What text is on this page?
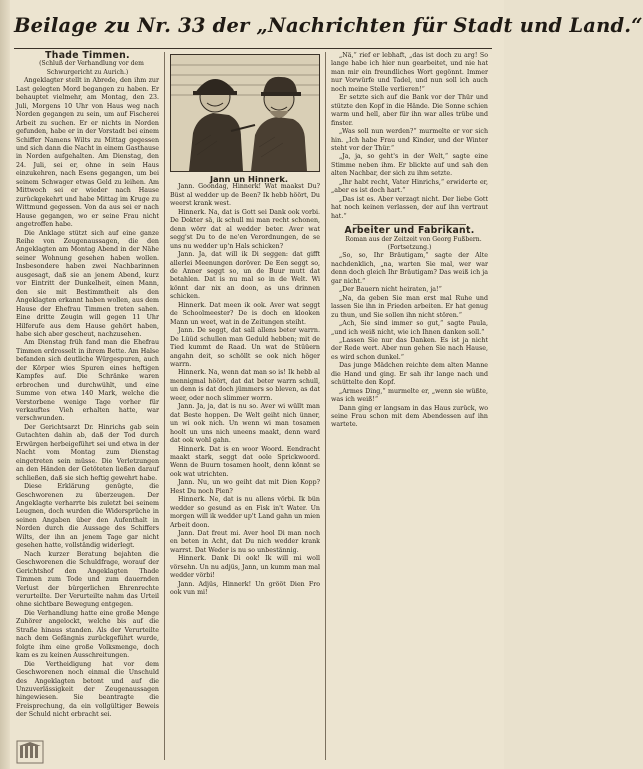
Beilage zu Nr. 33 der „Nachrichten für Stadt und Land.“

Thade Timmen.

(Schluß der Verhandlung vor dem Schwurgericht zu Aurich.)

Angeklagter stellt in Abrede, den ihm zur Last gelegten Mord begangen zu haben. Er behauptet vielmehr, am Montag, den 23. Juli, Morgens 10 Uhr von Haus weg nach Norden gegangen zu sein, um auf Fischerei Arbeit zu suchen. Er er nichts in Norden gefunden, habe er in der Vorstadt bei einem Schiffer Namens Wilts zu Mittag gegessen und sich dann die Nacht in einem Gasthause in Norden aufgehalten. Am Dienstag, den 24. Juli, sei er, ohne in sein Haus einzukehren, nach Esens gegangen, um bei seinem Schwager etwas Geld zu leihen. Am Mittwoch sei er wieder nach Hause zurückgekehrt und habe Mittag im Kruge zu Wittmund gegessen. Von da aus sei er nach Hause gegangen, wo er seine Frau nicht angetroffen habe.

Die Anklage stützt sich auf eine ganze Reihe von Zeugenaussagen, die den Angeklagten am Montag Abend in der Nähe seiner Wohnung gesehen haben wollen. Insbesondere haben zwei Nachbarinnen ausgesagt, daß sie an jenem Abend, kurz vor Eintritt der Dunkelheit, einen Mann, den sie mit Bestimmtheit als den Angeklagten erkannt haben wollen, aus dem Hause der Ehefrau Timmen treten sahen. Eine dritte Zeugin will gegen 11 Uhr Hilferufe aus dem Hause gehört haben, habe sich aber gescheut, nachzusehen.

Am Dienstag früh fand man die Ehefrau Timmen erdrosselt in ihrem Bette. Am Halse befanden sich deutliche Würgespuren, auch der Körper wies Spuren eines heftigen Kampfes auf. Die Schränke waren erbrochen und durchwühlt, und eine Summe von etwa 140 Mark, welche die Verstorbene wenige Tage vorher für verkauftes Vieh erhalten hatte, war verschwunden.

Der Gerichtsarzt Dr. Hinrichs gab sein Gutachten dahin ab, daß der Tod durch Erwürgen herbeigeführt sei und etwa in der Nacht vom Montag zum Dienstag eingetreten sein müsse. Die Verletzungen an den Händen der Getöteten ließen darauf schließen, daß sie sich heftig gewehrt habe.

Diese Erklärung genügte, die Geschworenen zu überzeugen. Der Angeklagte verharrte bis zuletzt bei seinem Leugnen, doch wurden die Widersprüche in seinen Angaben über den Aufenthalt in Norden durch die Aussage des Schiffers Wilts, der ihn an jenem Tage gar nicht gesehen hatte, vollständig widerlegt.

Nach kurzer Beratung bejahten die Geschworenen die Schuldfrage, worauf der Gerichtshof den Angeklagten Thade Timmen zum Tode und zum dauernden Verlust der bürgerlichen Ehrenrechte verurteilte. Der Verurteilte nahm das Urteil ohne sichtbare Bewegung entgegen.

Die Verhandlung hatte eine große Menge Zuhörer angelockt, welche bis auf die Straße hinaus standen. Als der Verurteilte nach dem Gefängnis zurückgeführt wurde, folgte ihm eine große Volksmenge, doch kam es zu keinen Ausschreitungen.

Die Vertheidigung hat vor dem Geschworenen noch einmal die Unschuld des Angeklagten betont und auf die Unzuverlässigkeit der Zeugenaussagen hingewiesen. Sie beantragte die Freisprechung, da ein vollgültiger Beweis der Schuld nicht erbracht sei.

Jann un Hinnerk.

Jann. Goondag, Hinnerk! Wat maakst Du? Büst al wedder up de Been? Ik hebb höört, Du weerst krank west.

Hinnerk. Na, dat is Gott sei Dank ook vorbi. De Dokter sä, ik schull mi man recht schonen, denn wörr dat al wedder beter. Aver wat segg'st Du to de ne'en Verordnungen, de se uns nu wedder up'n Hals schicken?

Jann. Ja, dat will ik Di seggen: dat gifft allerlei Meenungen doröver. De Een seggt so, de Anner seggt so, un de Buur mutt dat betahlen. Dat is nu mal so in de Welt. Wi könnt dar nix an doon, as uns drinnen schicken.

Hinnerk. Dat meen ik ook. Aver wat seggt de Schoolmeester? De is doch en klooken Mann un weet, wat in de Zeitungen steiht.

Jann. De seggt, dat sall allens beter warrn. De Lüüd schullen man Geduld hebben; mit de Tied kummt de Raad. Un wat de Stüüern angahn deit, so schöllt se ook nich höger warrn.

Hinnerk. Na, wenn dat man so is! Ik hebb al mennigmal höört, dat dat beter warrn schull, un denn is dat doch jümmers so bleven, as dat weer, oder noch slimmer worrn.

Jann. Ja, ja, dat is nu so. Aver wi wüllt man dat Beste hoppen. De Welt geiht nich ünner, un wi ook nich. Un wenn wi man tosamen hoolt un uns nich uneens maakt, denn ward dat ook wohl gahn.

Hinnerk. Dat is en woor Woord. Eendracht maakt stark, seggt dat oole Sprickwoord. Wenn de Buurn tosamen hoolt, denn könnt se ook wat utrichten.

Jann. Nu, un wo geiht dat mit Dien Kopp? Hest Du noch Pien?

Hinnerk. Ne, dat is nu allens vörbi. Ik bün wedder so gesund as en Fisk in't Water. Un morgen will ik wedder up't Land gahn un mien Arbeit doon.

Jann. Dat freut mi. Aver hool Di man noch en beten in Acht, dat Du nich wedder krank warrst. Dat Weder is nu so unbestännig.

Hinnerk. Dank Di ook! Ik will mi woll vörsehn. Un nu adjüs, Jann, un kumm man mal wedder vörbi!

Jann. Adjüs, Hinnerk! Un grööt Dien Fro ook vun mi!

„Nä,“ rief er lebhaft, „das ist doch zu arg! So lange habe ich hier nun gearbeitet, und nie hat man mir ein freundliches Wort gegönnt. Immer nur Vorwürfe und Tadel, und nun soll ich auch noch meine Stelle verlieren!“

Er setzte sich auf die Bank vor der Thür und stützte den Kopf in die Hände. Die Sonne schien warm und hell, aber für ihn war alles trübe und finster.

„Was soll nun werden?“ murmelte er vor sich hin. „Ich habe Frau und Kinder, und der Winter steht vor der Thür.“

„Ja, ja, so geht's in der Welt,“ sagte eine Stimme neben ihm. Er blickte auf und sah den alten Nachbar, der sich zu ihm setzte.

„Ihr habt recht, Vater Hinrichs,“ erwiderte er, „aber es ist doch hart.“

„Das ist es. Aber verzagt nicht. Der liebe Gott hat noch keinen verlassen, der auf ihn vertraut hat.“

Arbeiter und Fabrikant.

Roman aus der Zeitzeit von Georg Fußbern. (Fortsetzung.)

„So, so, Ihr Bräutigam,“ sagte der Alte nachdenklich, „na, warten Sie mal, wer war denn doch gleich Ihr Bräutigam? Das weiß ich ja gar nicht.“

„Der Bauern nicht heiraten, ja!“

„Na, da geben Sie man erst mal Ruhe und lassen Sie ihn in Frieden arbeiten. Er hat genug zu thun, und Sie sollen ihn nicht stören.“

„Ach, Sie sind immer so gut,“ sagte Paula, „und ich weiß nicht, wie ich Ihnen danken soll.“

„Lassen Sie nur das Danken. Es ist ja nicht der Rede wert. Aber nun gehen Sie nach Hause, es wird schon dunkel.“

Das junge Mädchen reichte dem alten Manne die Hand und ging. Er sah ihr lange nach und schüttelte den Kopf.

„Armes Ding,“ murmelte er, „wenn sie wüßte, was ich weiß!“

Dann ging er langsam in das Haus zurück, wo seine Frau schon mit dem Abendessen auf ihn wartete.
